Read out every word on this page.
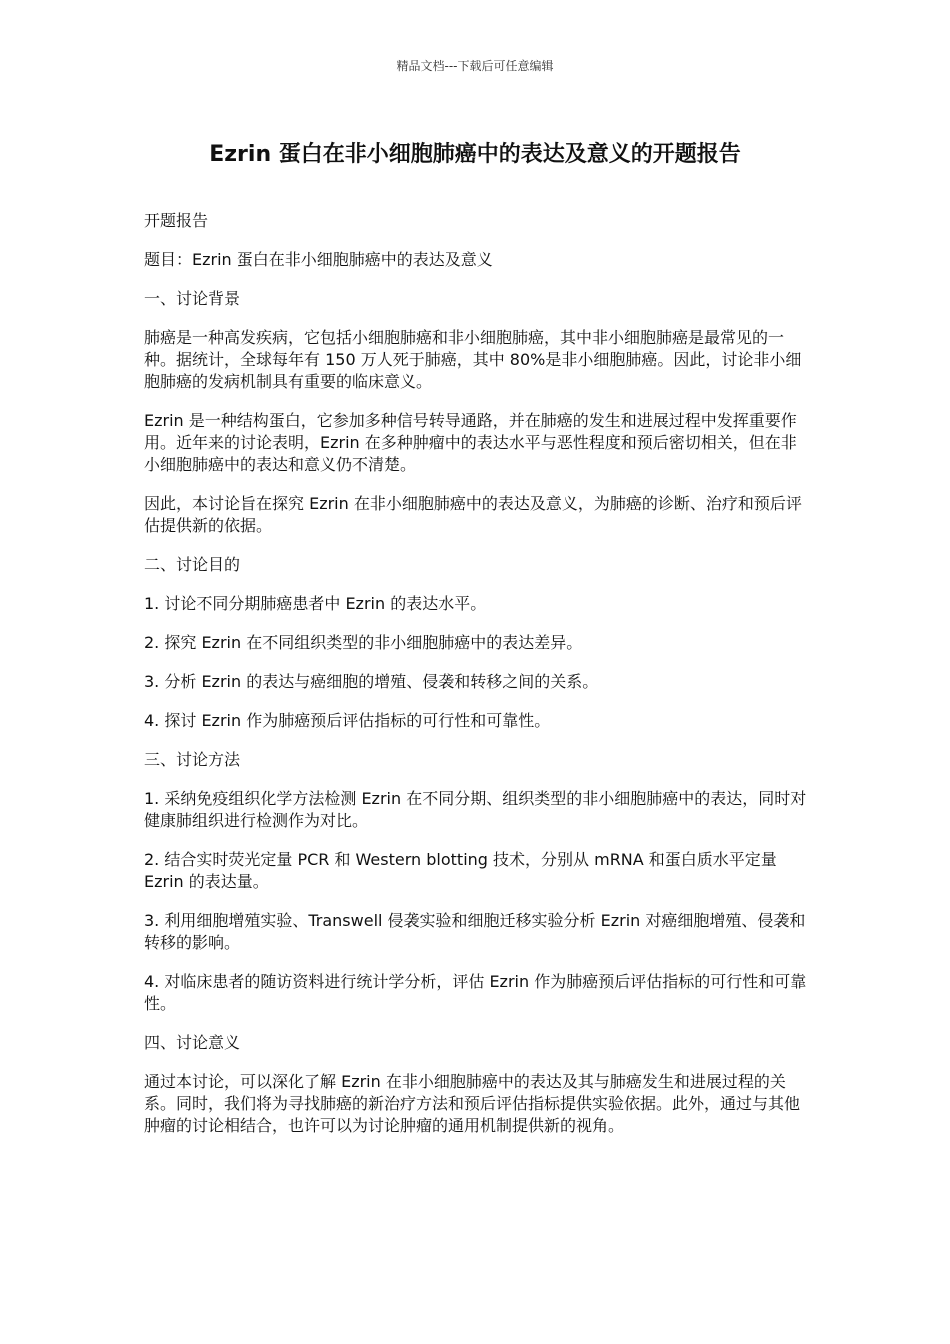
精品文档---下载后可任意编辑
Ezrin 蛋白在非小细胞肺癌中的表达及意义的开题报告

开题报告

题目：Ezrin 蛋白在非小细胞肺癌中的表达及意义

一、讨论背景

肺癌是一种高发疾病，它包括小细胞肺癌和非小细胞肺癌，其中非小细胞肺癌是最常见的一种。据统计，全球每年有 150 万人死于肺癌，其中 80%是非小细胞肺癌。因此，讨论非小细胞肺癌的发病机制具有重要的临床意义。

Ezrin 是一种结构蛋白，它参加多种信号转导通路，并在肺癌的发生和进展过程中发挥重要作用。近年来的讨论表明，Ezrin 在多种肿瘤中的表达水平与恶性程度和预后密切相关，但在非小细胞肺癌中的表达和意义仍不清楚。

因此，本讨论旨在探究 Ezrin 在非小细胞肺癌中的表达及意义，为肺癌的诊断、治疗和预后评估提供新的依据。

二、讨论目的

1. 讨论不同分期肺癌患者中 Ezrin 的表达水平。

2. 探究 Ezrin 在不同组织类型的非小细胞肺癌中的表达差异。

3. 分析 Ezrin 的表达与癌细胞的增殖、侵袭和转移之间的关系。

4. 探讨 Ezrin 作为肺癌预后评估指标的可行性和可靠性。

三、讨论方法

1. 采纳免疫组织化学方法检测 Ezrin 在不同分期、组织类型的非小细胞肺癌中的表达，同时对健康肺组织进行检测作为对比。

2. 结合实时荧光定量 PCR 和 Western blotting 技术，分别从 mRNA 和蛋白质水平定量 Ezrin 的表达量。

3. 利用细胞增殖实验、Transwell 侵袭实验和细胞迁移实验分析 Ezrin 对癌细胞增殖、侵袭和转移的影响。

4. 对临床患者的随访资料进行统计学分析，评估 Ezrin 作为肺癌预后评估指标的可行性和可靠性。

四、讨论意义

通过本讨论，可以深化了解 Ezrin 在非小细胞肺癌中的表达及其与肺癌发生和进展过程的关系。同时，我们将为寻找肺癌的新治疗方法和预后评估指标提供实验依据。此外，通过与其他肿瘤的讨论相结合，也许可以为讨论肿瘤的通用机制提供新的视角。
